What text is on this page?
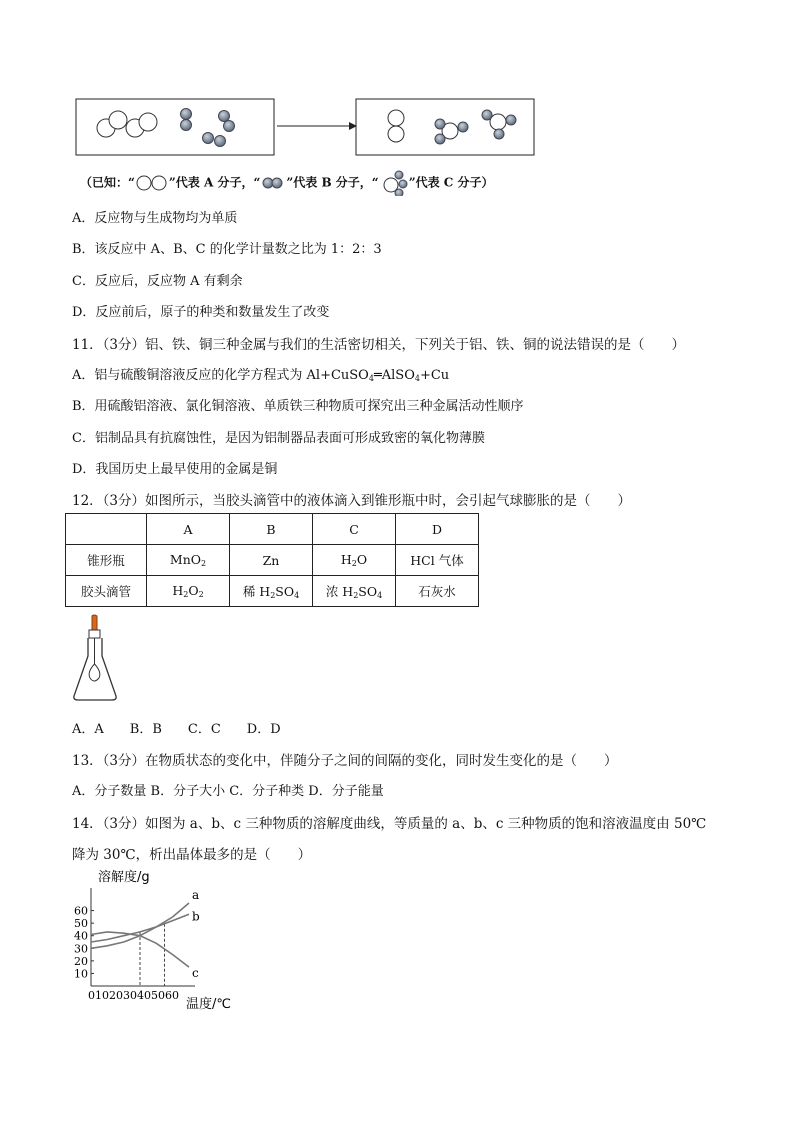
（已知：“	”代表 A 分子，“ ”代表 B 分子，“	”代表 C 分子）
A．反应物与生成物均为单质
B．该反应中 A、B、C 的化学计量数之比为 1：2：3
C．反应后，反应物 A 有剩余
D．反应前后，原子的种类和数量发生了改变
11．（3分）铝、铁、铜三种金属与我们的生活密切相关，下列关于铝、铁、铜的说法错误的是（　　）
A．铝与硫酸铜溶液反应的化学方程式为 Al+CuSO$_4$═AlSO$_4$+Cu
B．用硫酸铝溶液、氯化铜溶液、单质铁三种物质可探究出三种金属活动性顺序
C．铝制品具有抗腐蚀性，是因为铝制器品表面可形成致密的氧化物薄膜
D．我国历史上最早使用的金属是铜
12．（3分）如图所示，当胶头滴管中的液体滴入到锥形瓶中时，会引起气球膨胀的是（　　）
	A	B	C	D
锥形瓶	MnO$_2$	Zn	$H_2O$	HCl 气体
胶头滴管	$H_2O_2$	稀 $H_2SO_4$	浓 $H_2SO_4$	石灰水
A．A　　B．B　　C．C　　D．D
13．（3分）在物质状态的变化中，伴随分子之间的间隔的变化，同时发生变化的是（　　）
A．分子数量 B．分子大小 C．分子种类 D．分子能量
14．（3分）如图为 a、b、c 三种物质的溶解度曲线，等质量的 a、b、c 三种物质的饱和溶液温度由 50℃
降为 30℃，析出晶体最多的是（　　）
溶解度/g
温度/℃
0102030405060
10
20
30
40
50
60
a
b
c
